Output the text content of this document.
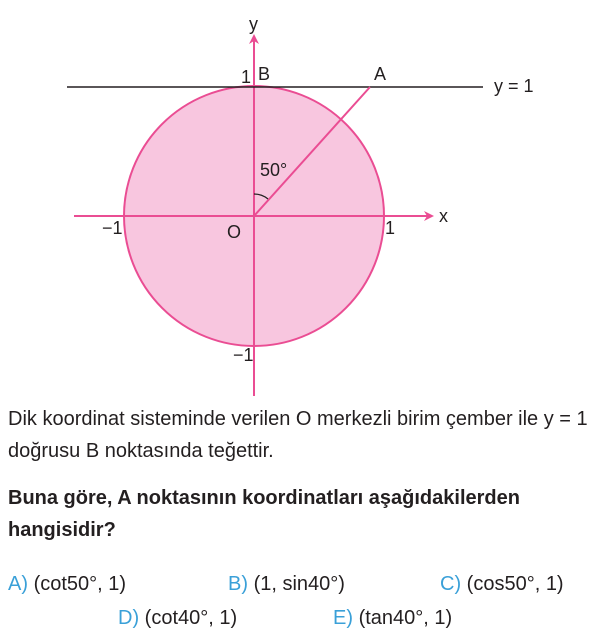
y
x
B	A
y = 1
1
1
−1
−1
O
50°

Dik koordinat sisteminde verilen O merkezli birim çember ile y = 1 doğrusu B noktasında teğettir.

Buna göre, A noktasının koordinatları aşağıdakilerden hangisidir?

A) (cot50°, 1)	B) (1, sin40°)	C) (cos50°, 1)
D) (cot40°, 1)	E) (tan40°, 1)
